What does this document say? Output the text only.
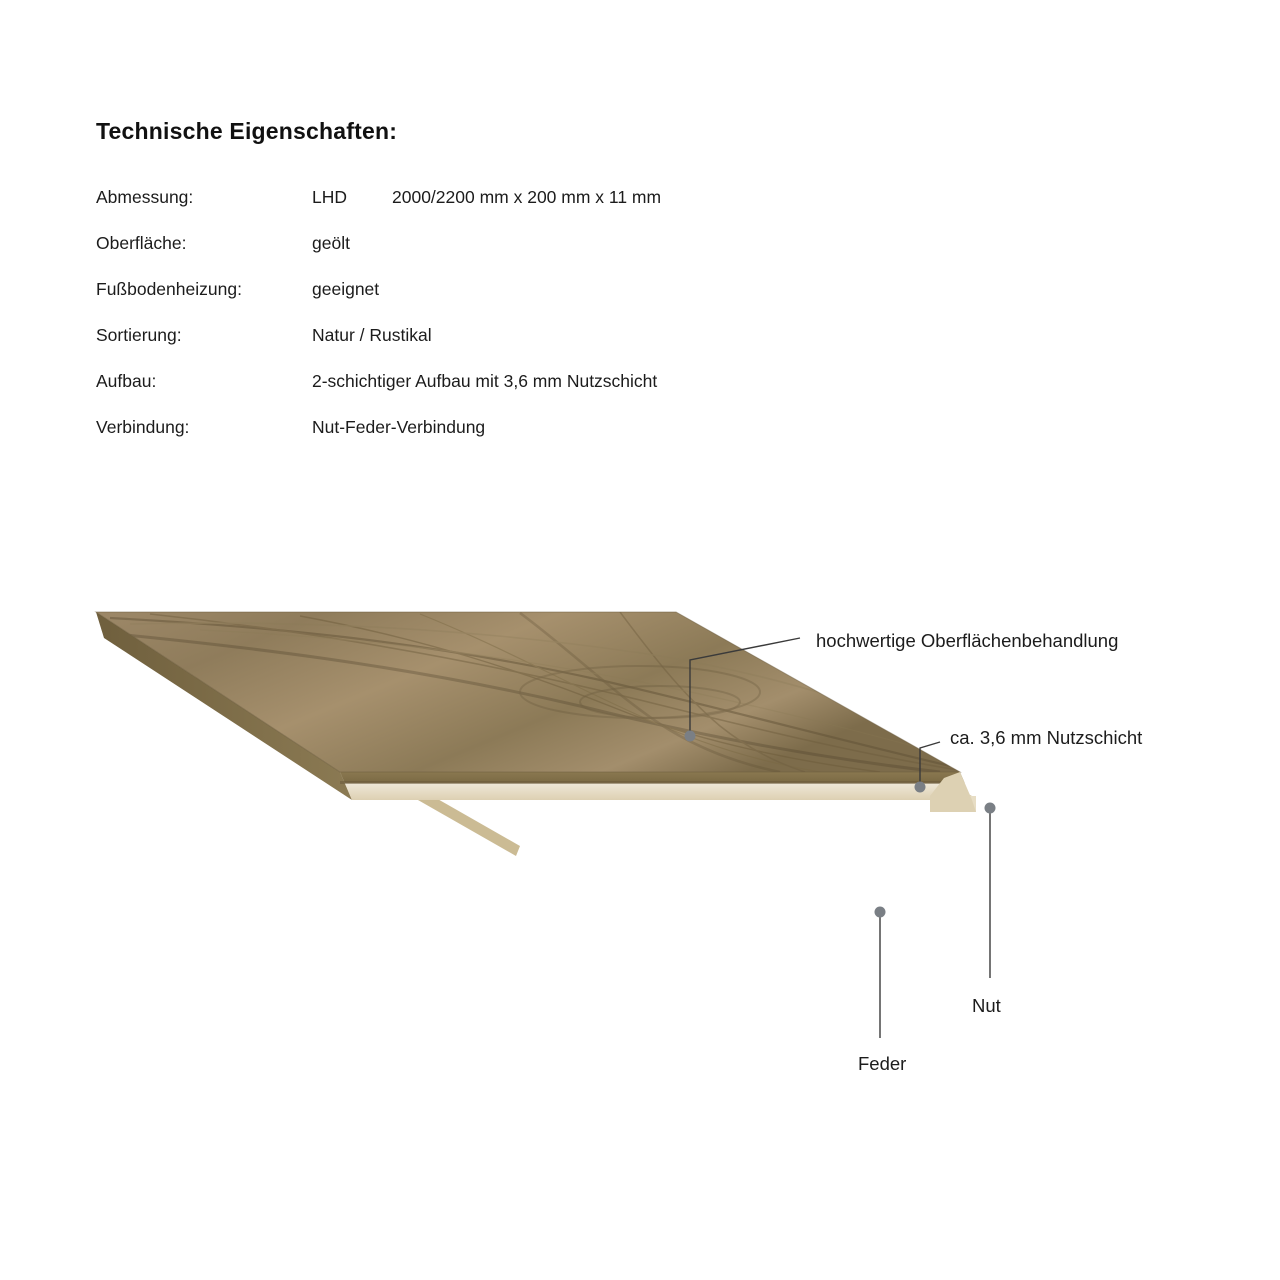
Technische Eigenschaften:
Abmessung:	LHD	2000/2200 mm x 200 mm x 11 mm
Oberfläche:	geölt
Fußbodenheizung:	geeignet
Sortierung:	Natur / Rustikal
Aufbau:	2-schichtiger Aufbau mit 3,6 mm Nutzschicht
Verbindung:	Nut-Feder-Verbindung
hochwertige Oberflächenbehandlung
ca. 3,6 mm Nutzschicht
Nut
Feder
